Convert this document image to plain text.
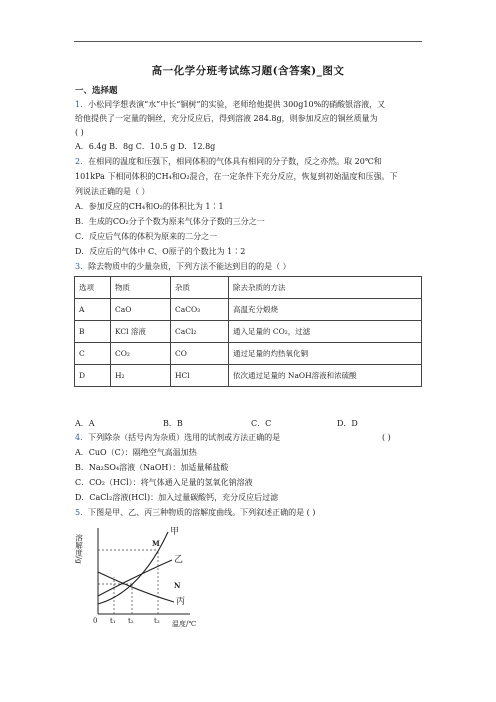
高一化学分班考试练习题(含答案)_图文
一、选择题
1．小松同学想表演“水”中长“铜树”的实验，老师给他提供 300g10%的硝酸银溶液，又
给他提供了一定量的铜丝，充分反应后，得到溶液 284.8g，则参加反应的铜丝质量为
( )
A．6.4g B．8g C．10.5 g D．12.8g
2．在相同的温度和压强下，相同体积的气体具有相同的分子数，反之亦然。取 20℃和
101kPa 下相同体积的CH₄和O₂混合，在一定条件下充分反应，恢复到初始温度和压强。下
列说法正确的是（ ）
A．参加反应的CH₄和O₂的体积比为 1∶1
B．生成的CO₂分子个数为原来气体分子数的三分之一
C．反应后气体的体积为原来的二分之一
D．反应后的气体中 C、O原子的个数比为 1∶2
3．除去物质中的少量杂质，下列方法不能达到目的的是（ ）
选项	物质	杂质	除去杂质的方法
A	CaO	CaCO₃	高温充分煅烧
B	KCl 溶液	CaCl₂	通入足量的 CO₂，过滤
C	CO₂	CO	通过足量的灼热氧化铜
D	H₂	HCl	依次通过足量的 NaOH溶液和浓硫酸
A．A	B．B	C．C	D．D
4．下列除杂（括号内为杂质）选用的试剂或方法正确的是	( )
A．CuO（C）：隔绝空气高温加热
B．Na₂SO₄溶液（NaOH）：加适量稀盐酸
C．CO₂（HCl）：将气体通入足量的氢氧化钠溶液
D．CaCl₂溶液(HCl)：加入过量碳酸钙，充分反应后过滤
5．下图是甲、乙、丙三种物质的溶解度曲线。下列叙述正确的是 ( )
溶解度/g
甲
乙
丙
M
N
0 t₁ t₂	t₃ 温度/℃
